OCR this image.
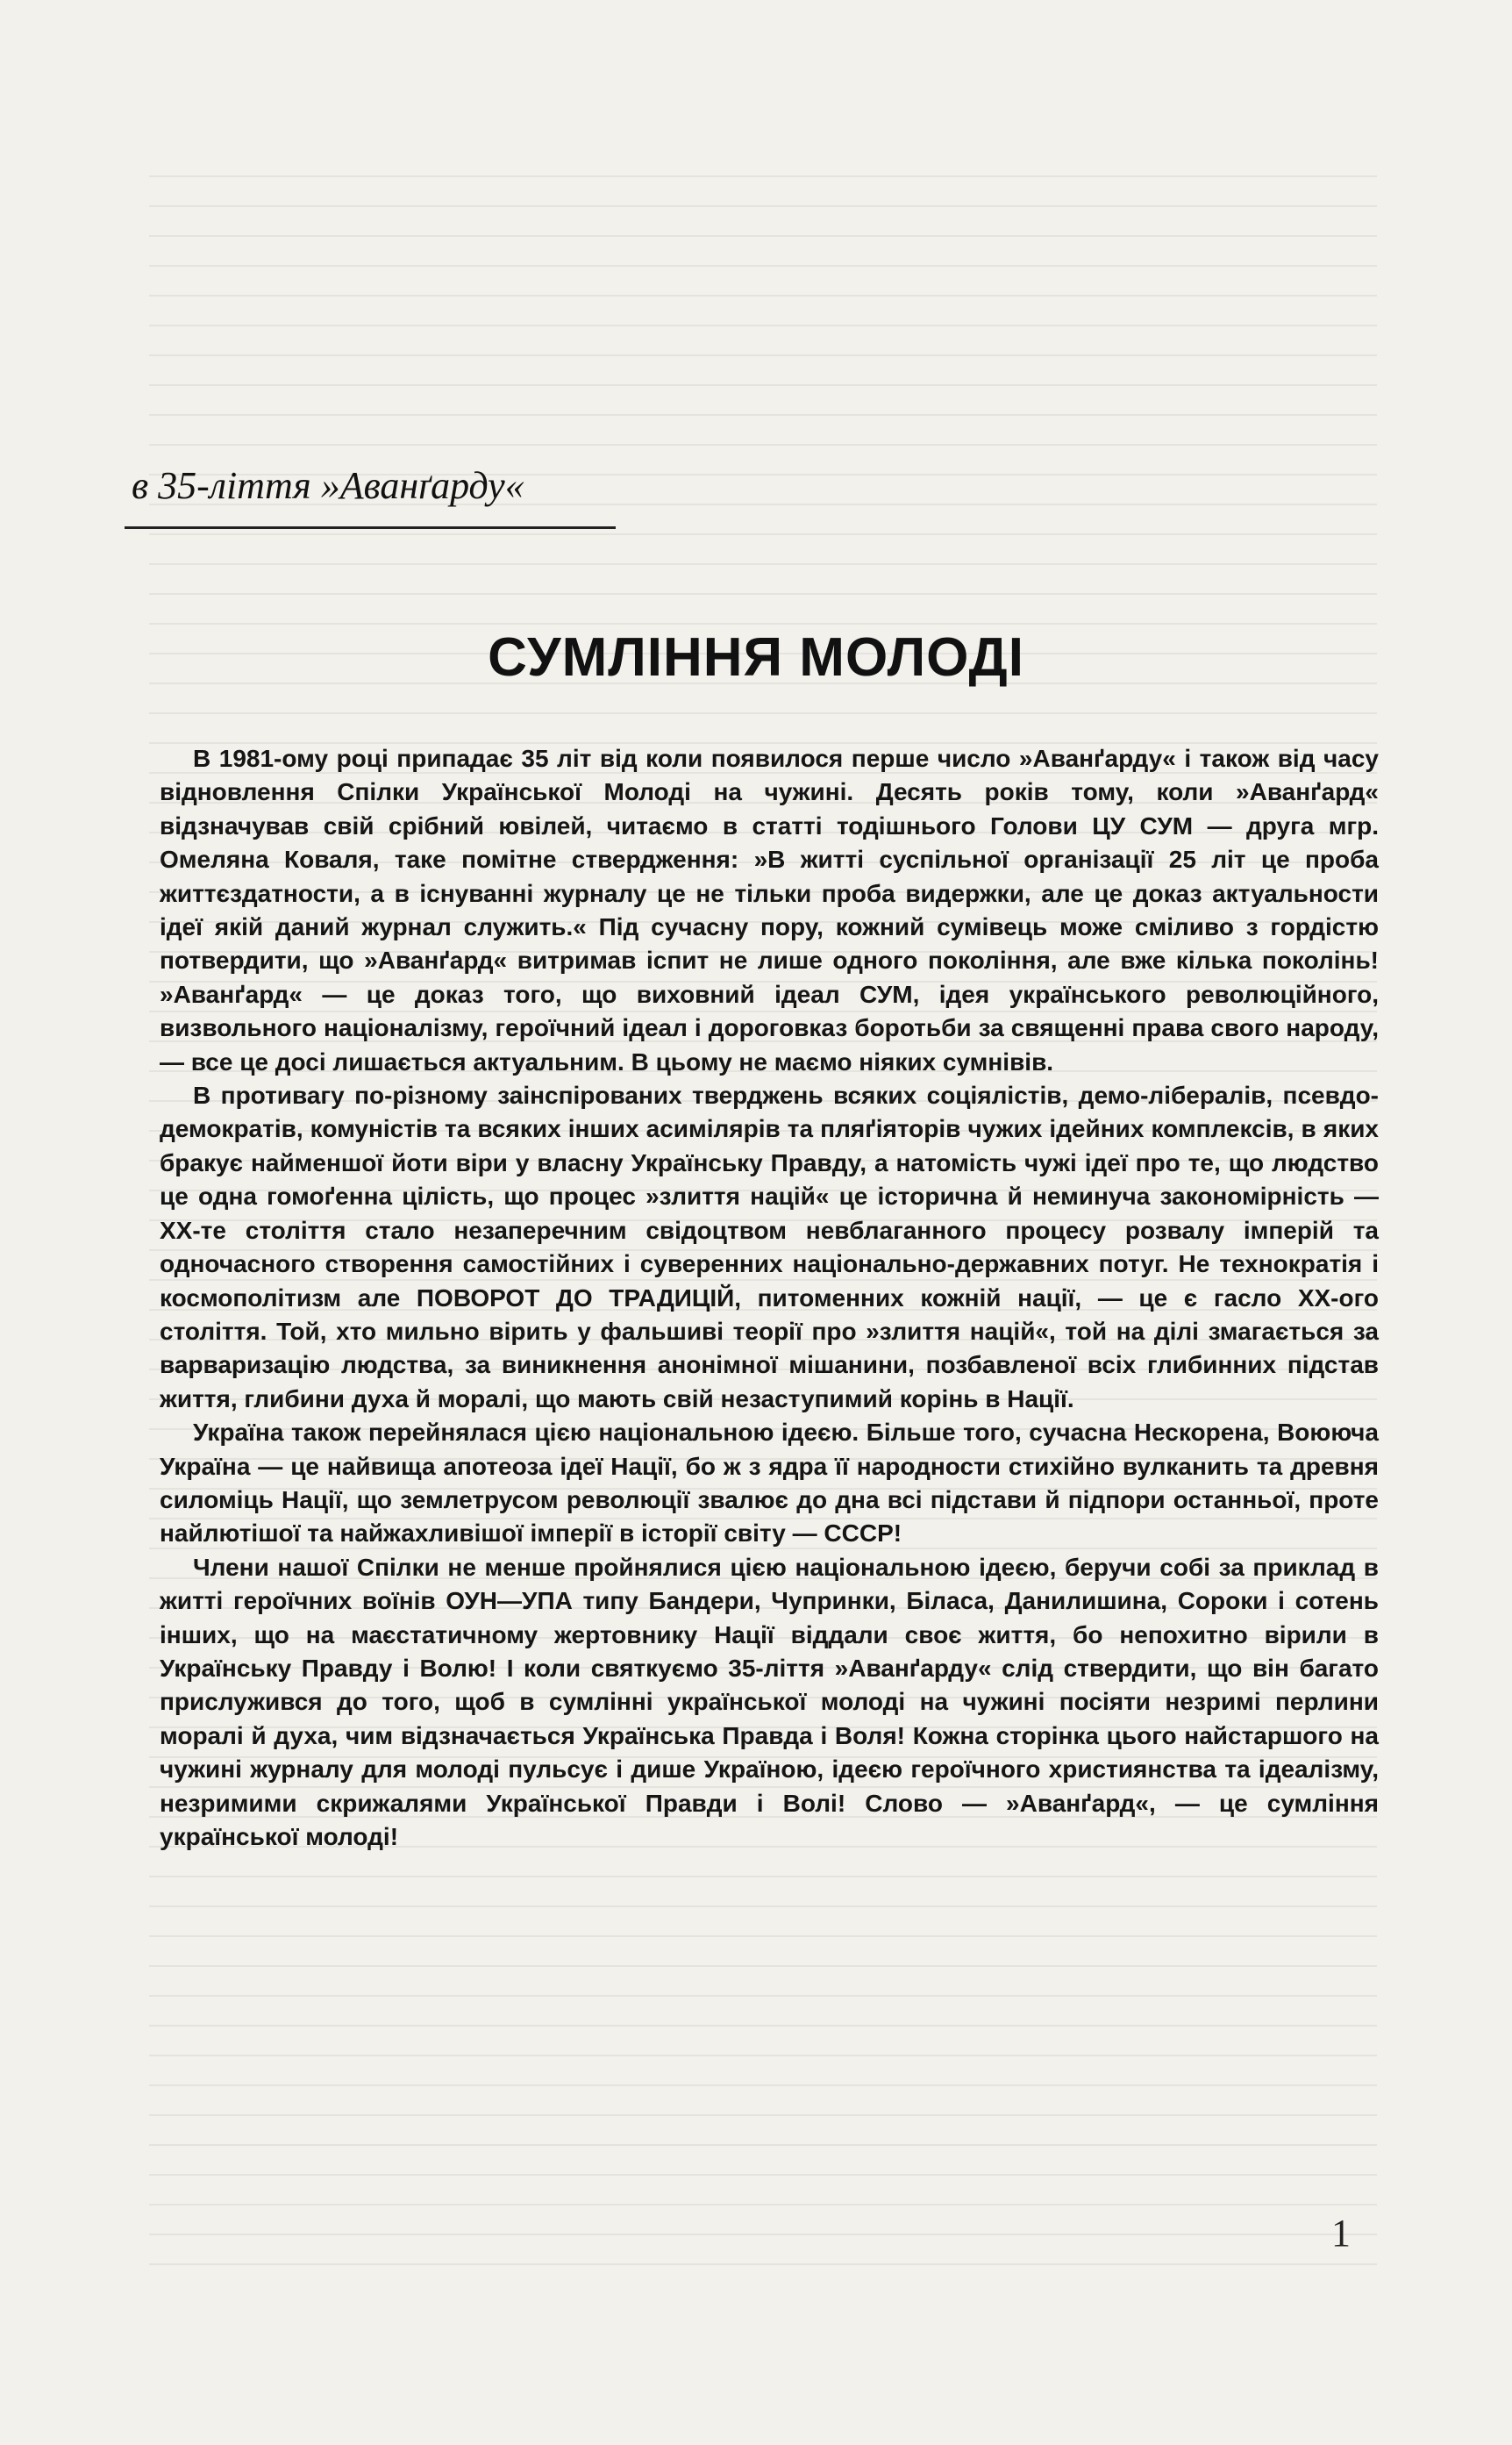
в 35-ліття »Аванґарду«
СУМЛІННЯ МОЛОДІ

В 1981-ому році припадає 35 літ від коли появилося перше число »Аванґарду« і також від часу відновлення Спілки Української Молоді на чужині. Десять років тому, коли »Аванґард« відзначував свій срібний ювілей, читаємо в статті тодішнього Голови ЦУ СУМ — друга мгр. Омеляна Коваля, таке помітне ствердження: »В житті суспільної організації 25 літ це проба життєздатности, а в існуванні журналу це не тільки проба видержки, але це доказ актуальности ідеї якій даний журнал служить.« Під сучасну пору, кожний сумівець може сміливо з гордістю потвердити, що »Аванґард« витримав іспит не лише одного покоління, але вже кілька поколінь! »Аванґард« — це доказ того, що виховний ідеал СУМ, ідея українського революційного, визвольного націоналізму, героїчний ідеал і дороговказ боротьби за священні права свого народу, — все це досі лишається актуальним. В цьому не маємо ніяких сумнівів.

В противагу по-різному заінспірованих тверджень всяких соціялістів, демо-лібералів, псевдо-демократів, комуністів та всяких інших асимілярів та пляґіяторів чужих ідейних комплексів, в яких бракує найменшої йоти віри у власну Українську Правду, а натомість чужі ідеї про те, що людство це одна гомоґенна цілість, що процес »злиття націй« це історична й неминуча закономірність — XX-те століття стало незаперечним свідоцтвом невблаганного процесу розвалу імперій та одночасного створення самостійних і суверенних національно-державних потуг. Не технократія і космополітизм але ПОВОРОТ ДО ТРАДИЦІЙ, питоменних кожній нації, — це є гасло XX-ого століття. Той, хто мильно вірить у фальшиві теорії про »злиття націй«, той на ділі змагається за варваризацію людства, за виникнення анонімної мішанини, позбавленої всіх глибинних підстав життя, глибини духа й моралі, що мають свій незаступимий корінь в Нації.

Україна також перейнялася цією національною ідеєю. Більше того, сучасна Нескорена, Воююча Україна — це найвища апотеоза ідеї Нації, бо ж з ядра її народности стихійно вулканить та древня силоміць Нації, що землетрусом революції звалює до дна всі підстави й підпори останньої, проте найлютішої та найжахливішої імперії в історії світу — СССР!

Члени нашої Спілки не менше пройнялися цією національною ідеєю, беручи собі за приклад в житті героїчних воїнів ОУН—УПА типу Бандери, Чупринки, Біласа, Данилишина, Сороки і сотень інших, що на маєстатичному жертовнику Нації віддали своє життя, бо непохитно вірили в Українську Правду і Волю! І коли святкуємо 35-ліття »Аванґарду« слід ствердити, що він багато прислужився до того, щоб в сумлінні української молоді на чужині посіяти незримі перлини моралі й духа, чим відзначається Українська Правда і Воля! Кожна сторінка цього найстаршого на чужині журналу для молоді пульсує і дише Україною, ідеєю героїчного християнства та ідеалізму, незримими скрижалями Української Правди і Волі! Слово — »Аванґард«, — це сумління української молоді!

1
